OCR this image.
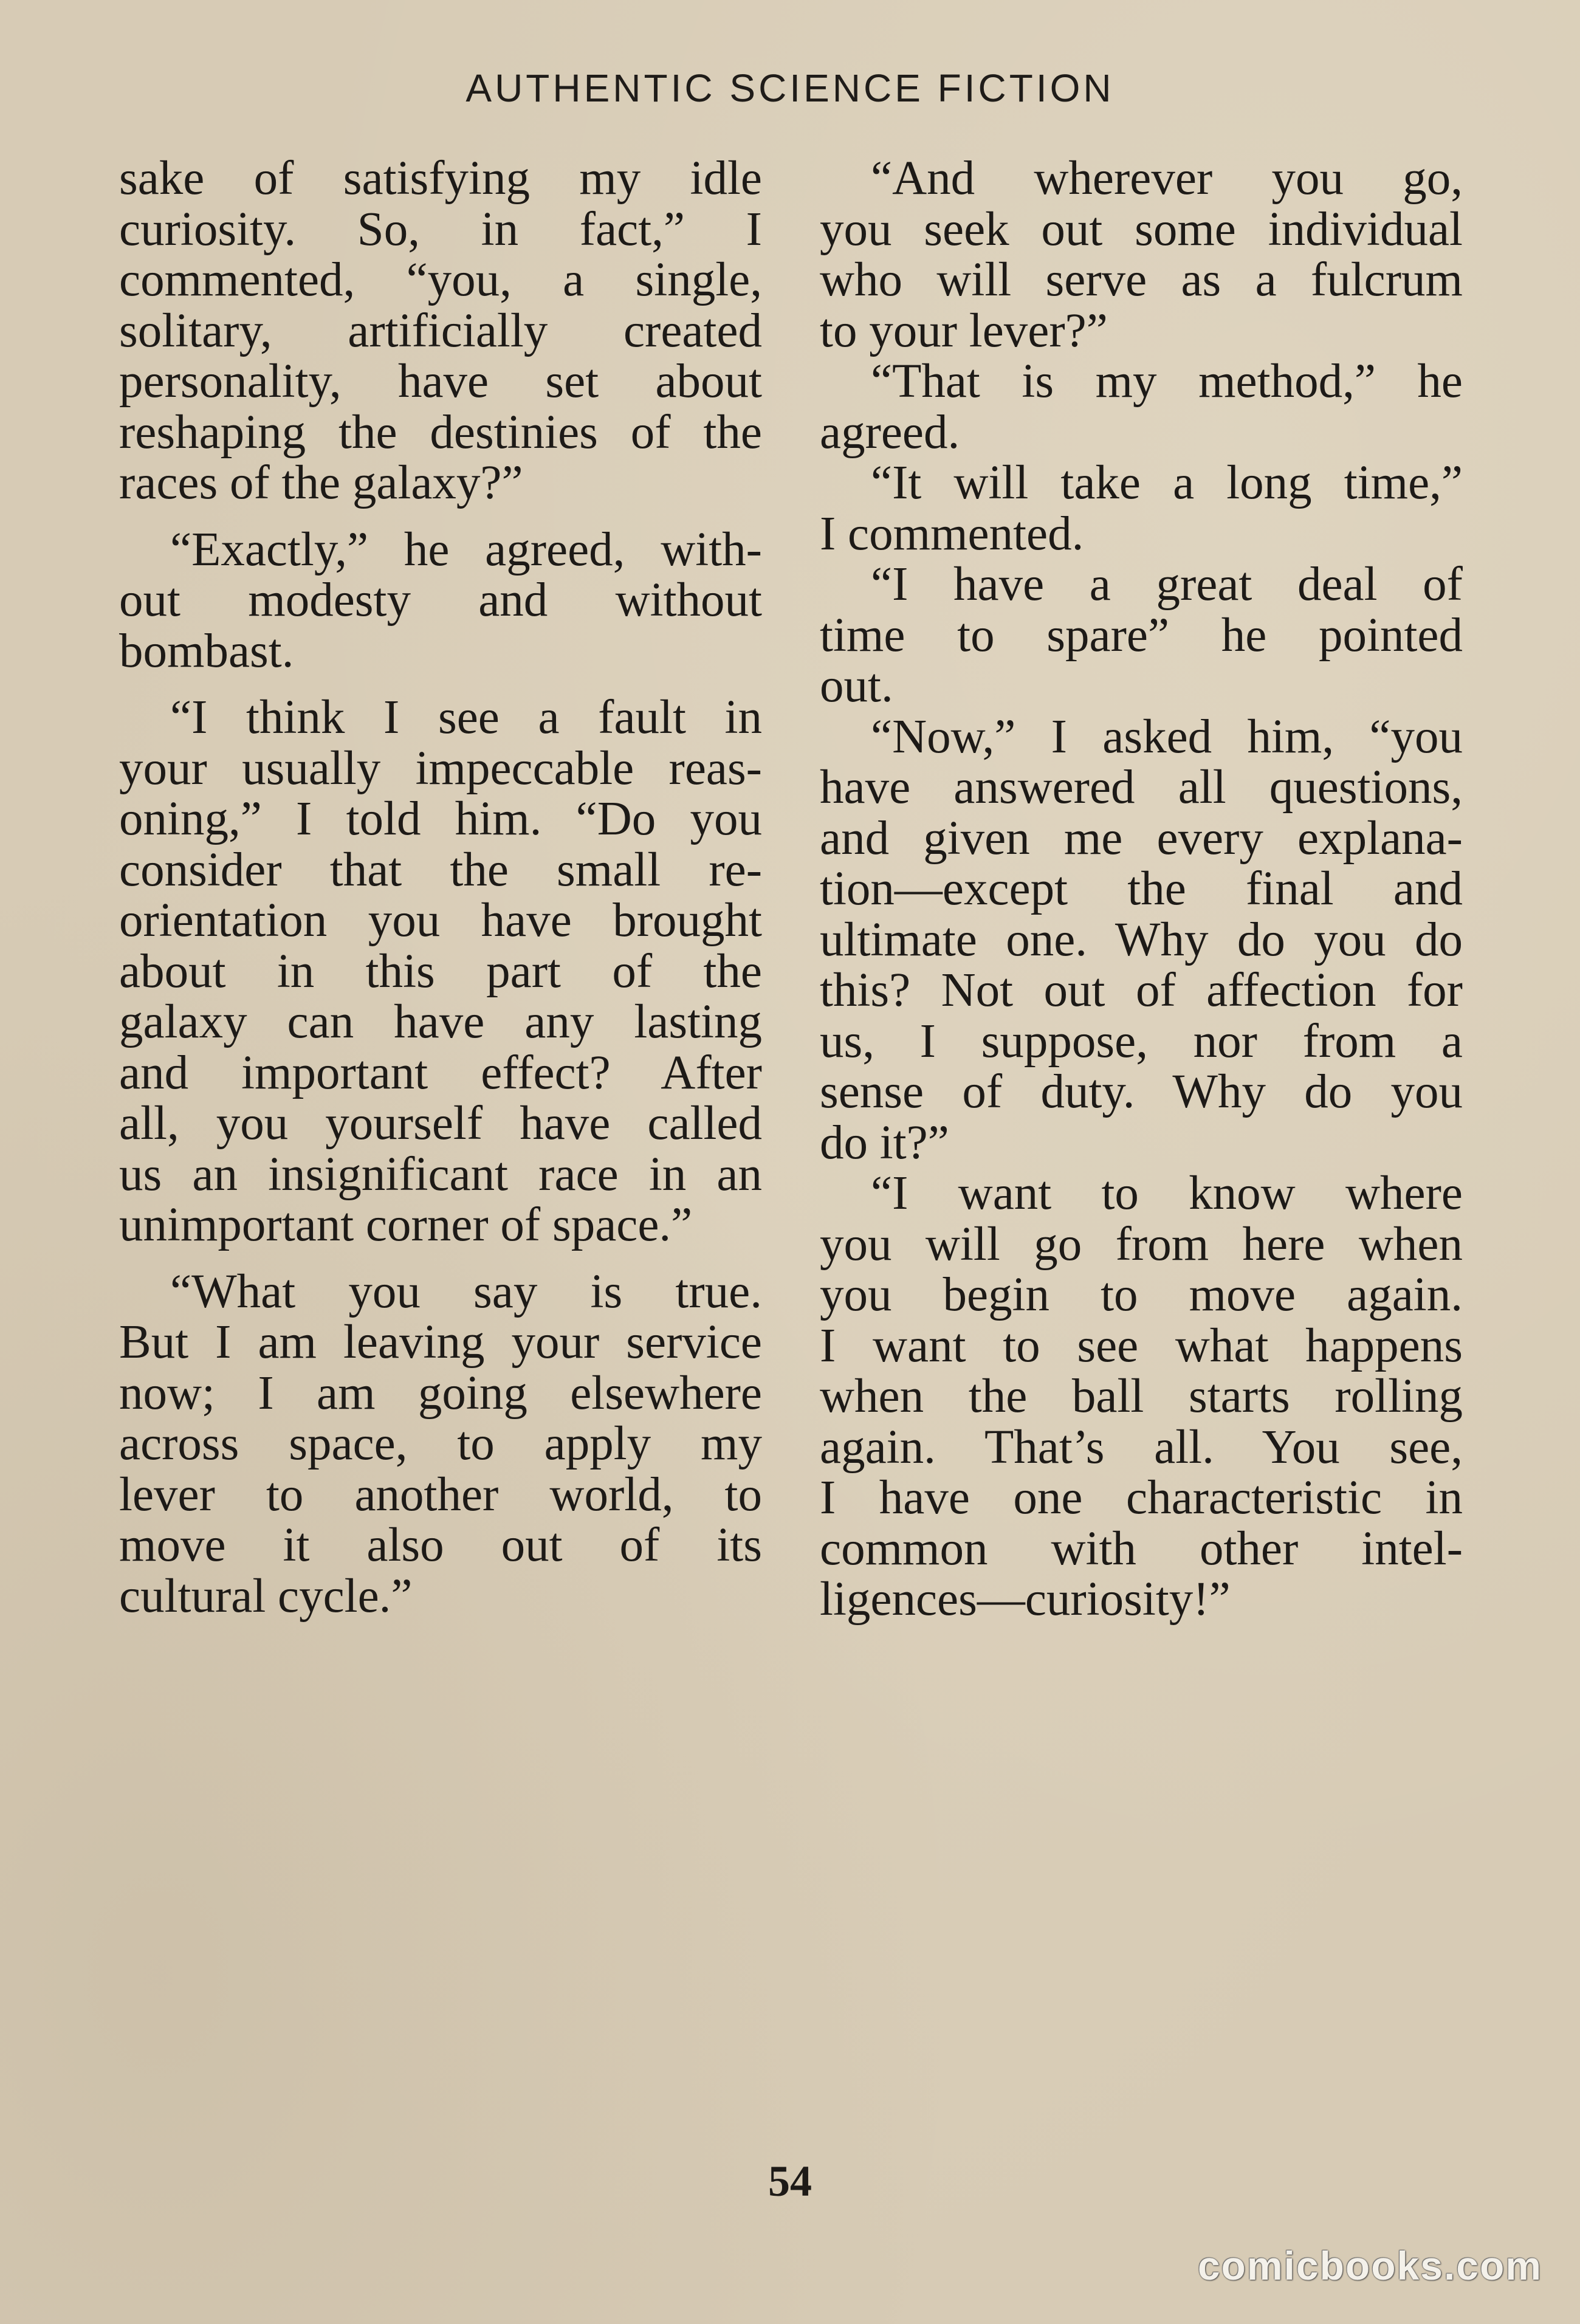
AUTHENTIC SCIENCE FICTION
sake of satisfying my idle
curiosity. So, in fact,” I
commented, “you, a single,
solitary, artificially created
personality, have set about
reshaping the destinies of the
races of the galaxy?”
“Exactly,” he agreed, with-
out modesty and without
bombast.
“I think I see a fault in
your usually impeccable reas-
oning,” I told him. “Do you
consider that the small re-
orientation you have brought
about in this part of the
galaxy can have any lasting
and important effect? After
all, you yourself have called
us an insignificant race in an
unimportant corner of space.”
“What you say is true.
But I am leaving your service
now; I am going elsewhere
across space, to apply my
lever to another world, to
move it also out of its
cultural cycle.”
“And wherever you go,
you seek out some individual
who will serve as a fulcrum
to your lever?”
“That is my method,” he
agreed.
“It will take a long time,”
I commented.
“I have a great deal of
time to spare” he pointed
out.
“Now,” I asked him, “you
have answered all questions,
and given me every explana-
tion—except the final and
ultimate one. Why do you do
this? Not out of affection for
us, I suppose, nor from a
sense of duty. Why do you
do it?”
“I want to know where
you will go from here when
you begin to move again.
I want to see what happens
when the ball starts rolling
again. That’s all. You see,
I have one characteristic in
common with other intel-
ligences—curiosity!”
54
comicbooks.com
